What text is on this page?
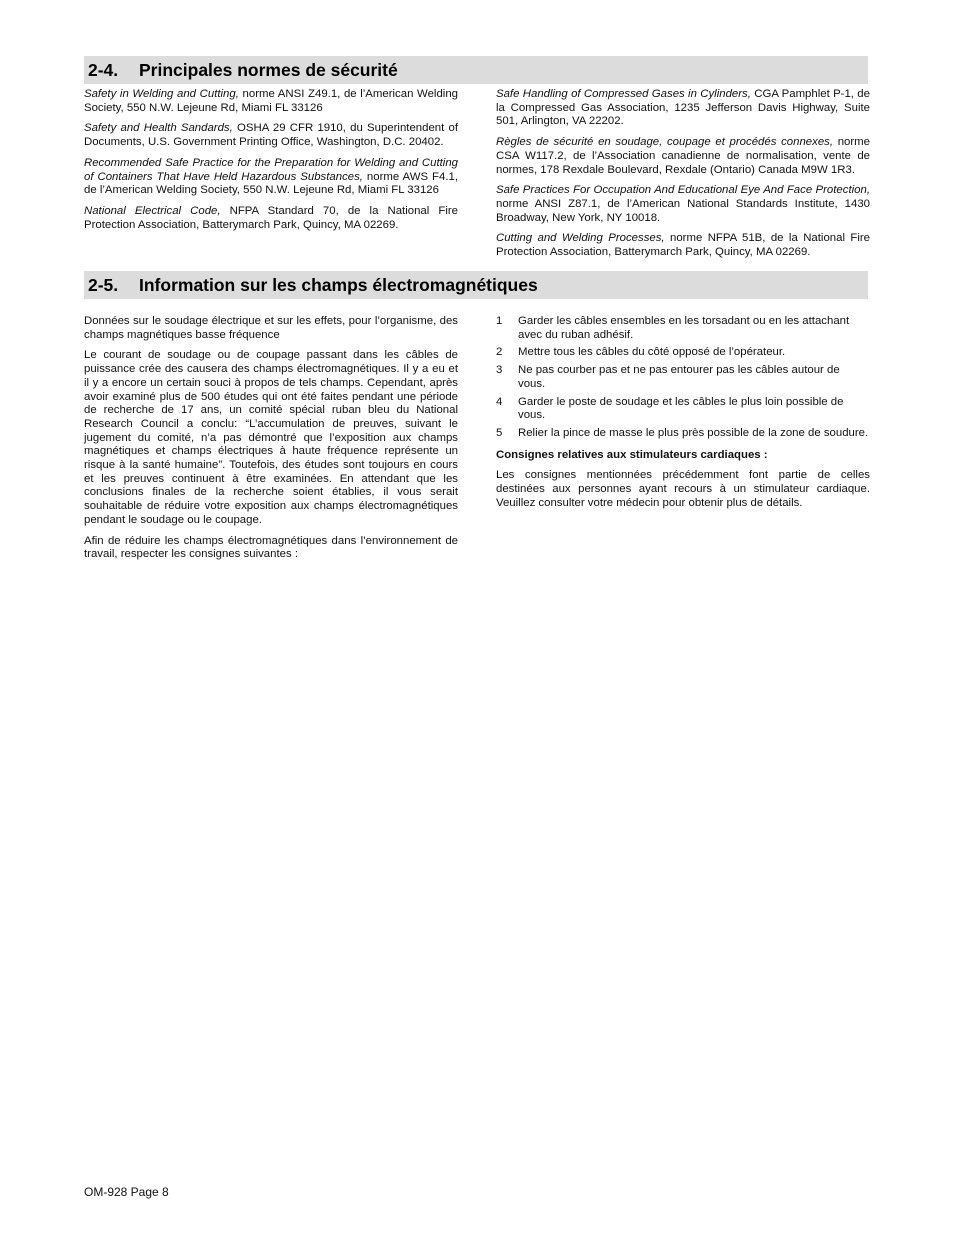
2-4. Principales normes de sécurité

Safety in Welding and Cutting, norme ANSI Z49.1, de l’American Welding Society, 550 N.W. Lejeune Rd, Miami FL 33126

Safety and Health Sandards, OSHA 29 CFR 1910, du Superintendent of Documents, U.S. Government Printing Office, Washington, D.C. 20402.

Recommended Safe Practice for the Preparation for Welding and Cutting of Containers That Have Held Hazardous Substances, norme AWS F4.1, de l’American Welding Society, 550 N.W. Lejeune Rd, Miami FL 33126

National Electrical Code, NFPA Standard 70, de la National Fire Protection Association, Batterymarch Park, Quincy, MA 02269.

Safe Handling of Compressed Gases in Cylinders, CGA Pamphlet P-1, de la Compressed Gas Association, 1235 Jefferson Davis Highway, Suite 501, Arlington, VA 22202.

Règles de sécurité en soudage, coupage et procédés connexes, norme CSA W117.2, de l’Association canadienne de normalisation, vente de normes, 178 Rexdale Boulevard, Rexdale (Ontario) Canada M9W 1R3.

Safe Practices For Occupation And Educational Eye And Face Protection, norme ANSI Z87.1, de l’American National Standards Institute, 1430 Broadway, New York, NY 10018.

Cutting and Welding Processes, norme NFPA 51B, de la National Fire Protection Association, Batterymarch Park, Quincy, MA 02269.

2-5. Information sur les champs électromagnétiques

Données sur le soudage électrique et sur les effets, pour l’organisme, des champs magnétiques basse fréquence

Le courant de soudage ou de coupage passant dans les câbles de puissance crée des causera des champs électromagnétiques. Il y a eu et il y a encore un certain souci à propos de tels champs. Cependant, après avoir examiné plus de 500 études qui ont été faites pendant une période de recherche de 17 ans, un comité spécial ruban bleu du National Research Council a conclu: “L’accumulation de preuves, suivant le jugement du comité, n’a pas démontré que l’exposition aux champs magnétiques et champs électriques à haute fréquence représente un risque à la santé humaine”. Toutefois, des études sont toujours en cours et les preuves continuent à être examinées. En attendant que les conclusions finales de la recherche soient établies, il vous serait souhaitable de réduire votre exposition aux champs électromagnétiques pendant le soudage ou le coupage.

Afin de réduire les champs électromagnétiques dans l’environnement de travail, respecter les consignes suivantes :

1	Garder les câbles ensembles en les torsadant ou en les attachant avec du ruban adhésif.
2	Mettre tous les câbles du côté opposé de l’opérateur.
3	Ne pas courber pas et ne pas entourer pas les câbles autour de vous.
4	Garder le poste de soudage et les câbles le plus loin possible de vous.
5	Relier la pince de masse le plus près possible de la zone de soudure.

Consignes relatives aux stimulateurs cardiaques :

Les consignes mentionnées précédemment font partie de celles destinées aux personnes ayant recours à un stimulateur cardiaque. Veuillez consulter votre médecin pour obtenir plus de détails.

OM-928 Page 8
